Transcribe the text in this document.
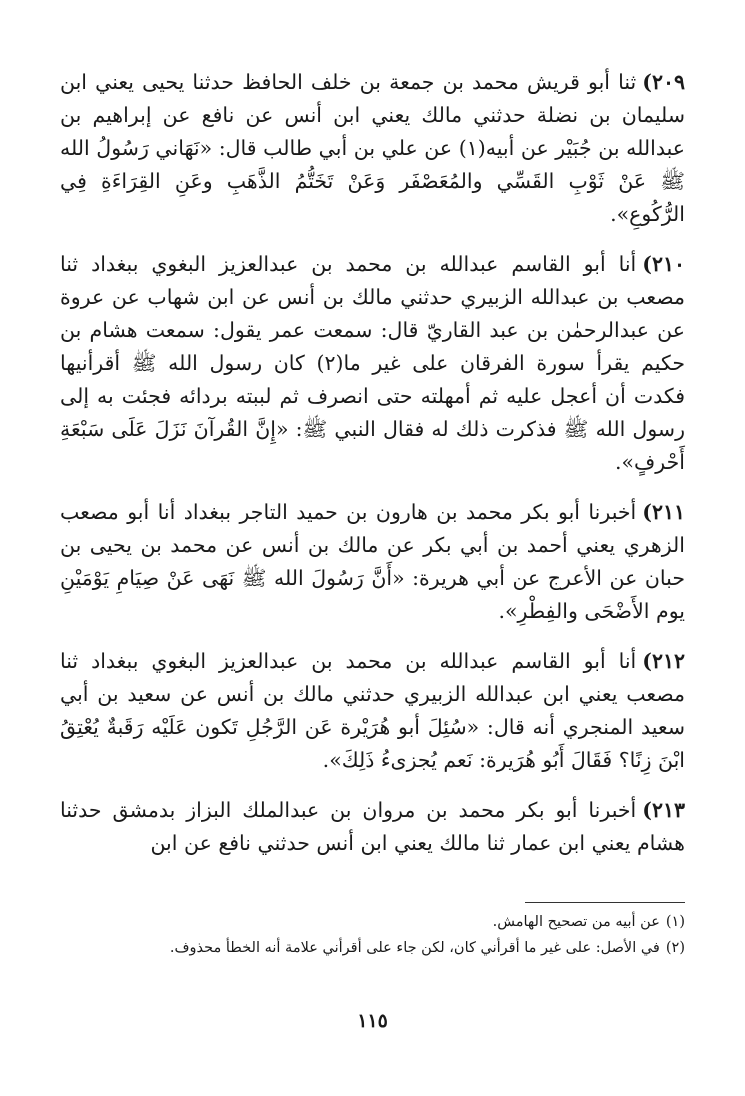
٢٠٩)ثنا أبو قريش محمد بن جمعة بن خلف الحافظ حدثنا يحيى يعني ابن سليمان بن نضلة حدثني مالك يعني ابن أنس عن نافع عن إبراهيم بن عبدالله بن جُبَيْر عن أبيه(١) عن علي بن أبي طالب قال: «نَهَاني رَسُولُ الله ﷺ عَنْ ثَوْبِ القَسِّي والمُعَصْفَر وَعَنْ تَخَتُّمُ الذَّهَبِ وعَنِ القِرَاءَةِ فِي الرُّكُوعِ».

٢١٠)أنا أبو القاسم عبدالله بن محمد بن عبدالعزيز البغوي ببغداد ثنا مصعب بن عبدالله الزبيري حدثني مالك بن أنس عن ابن شهاب عن عروة عن عبدالرحمٰن بن عبد القاريّ قال: سمعت عمر يقول: سمعت هشام بن حكيم يقرأ سورة الفرقان على غير ما(٢) كان رسول الله ﷺ أقرأنيها فكدت أن أعجل عليه ثم أمهلته حتى انصرف ثم لببته بردائه فجئت به إلى رسول الله ﷺ فذكرت ذلك له فقال النبي ﷺ: «إِنَّ القُرآنَ نَزَلَ عَلَى سَبْعَةِ أَحْرفٍ».

٢١١)أخبرنا أبو بكر محمد بن هارون بن حميد التاجر ببغداد أنا أبو مصعب الزهري يعني أحمد بن أبي بكر عن مالك بن أنس عن محمد بن يحيى بن حبان عن الأعرج عن أبي هريرة: «أَنَّ رَسُولَ الله ﷺ نَهَى عَنْ صِيَامِ يَوْمَيْنِ يوم الأَضْحَى والفِطْرِ».

٢١٢)أنا أبو القاسم عبدالله بن محمد بن عبدالعزيز البغوي ببغداد ثنا مصعب يعني ابن عبدالله الزبيري حدثني مالك بن أنس عن سعيد بن أبي سعيد المنجري أنه قال: «سُئِلَ أبو هُرَيْرة عَن الرَّجُلِ تَكون عَلَيْه رَقَبةٌ يُعْتِقُ ابْنَ زِنًا؟ فَقَالَ أَبُو هُرَيرة: نَعم يُجزىءُ ذَلِكَ».

٢١٣)أخبرنا أبو بكر محمد بن مروان بن عبدالملك البزاز بدمشق حدثنا هشام يعني ابن عمار ثنا مالك يعني ابن أنس حدثني نافع عن ابن

(١)عن أبيه من تصحيح الهامش.

(٢)في الأصل: على غير ما أقرأني كان، لكن جاء على أقرأني علامة أنه الخطأ محذوف.

١١٥
